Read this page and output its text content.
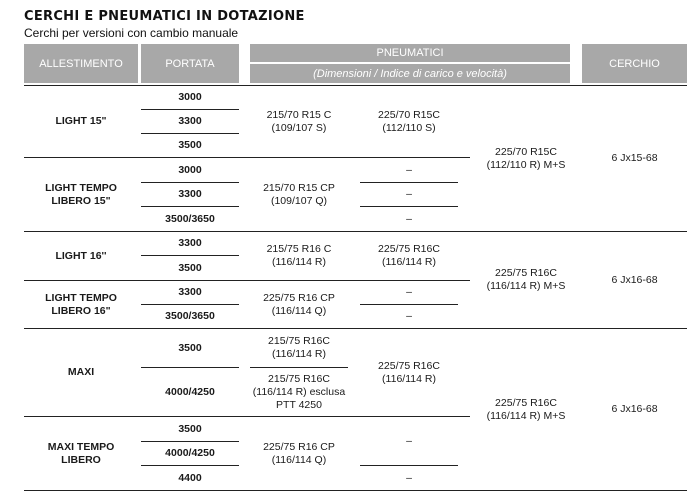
CERCHI E PNEUMATICI IN DOTAZIONE
Cerchi per versioni con cambio manuale
ALLESTIMENTO	PORTATA
PNEUMATICI
(Dimensioni / Indice di carico e velocità)
CERCHIO
LIGHT 15"
LIGHT TEMPO
LIBERO 15"
LIGHT 16''
LIGHT TEMPO
LIBERO 16"
MAXI
MAXI TEMPO
LIBERO
3000
3300
3500
3000
3300
3500/3650
3300
3500
3300
3500/3650
3500
4000/4250
3500
4000/4250
4400
215/70 R15 C
(109/107 S)
215/70 R15 CP
(109/107 Q)
215/75 R16 C
(116/114 R)
225/75 R16 CP
(116/114 Q)
215/75 R16C
(116/114 R)
215/75 R16C
(116/114 R) esclusa
PTT 4250
225/75 R16 CP
(116/114 Q)
225/70 R15C
(112/110 S)
–
–
–
225/75 R16C
(116/114 R)
–
–
225/75 R16C
(116/114 R)
–
–
225/70 R15C
(112/110 R) M+S
225/75 R16C
(116/114 R) M+S
225/75 R16C
(116/114 R) M+S
6 Jx15-68
6 Jx16-68
6 Jx16-68
